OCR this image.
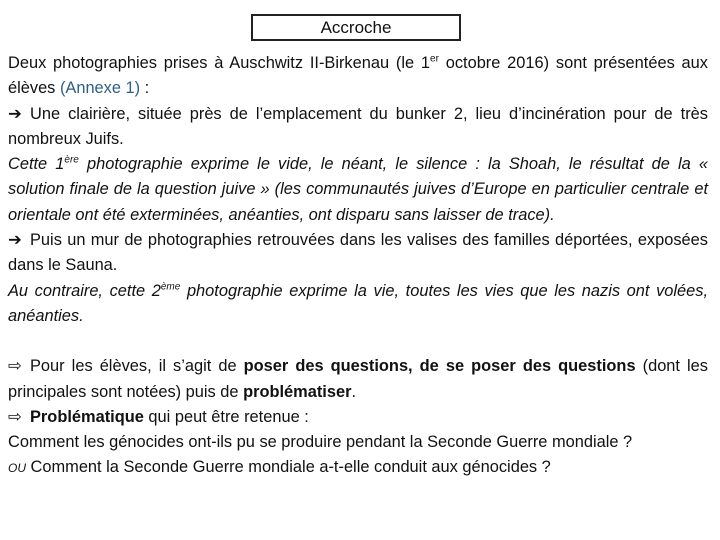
Accroche

Deux photographies prises à Auschwitz II-Birkenau (le 1er octobre 2016) sont présentées aux élèves (Annexe 1) :

➔ Une clairière, située près de l’emplacement du bunker 2, lieu d’incinération pour de très nombreux Juifs.

Cette 1ère photographie exprime le vide, le néant, le silence : la Shoah, le résultat de la « solution finale de la question juive » (les communautés juives d’Europe en particulier centrale et orientale ont été exterminées, anéanties, ont disparu sans laisser de trace).

➔ Puis un mur de photographies retrouvées dans les valises des familles déportées, exposées dans le Sauna.

Au contraire, cette 2ème photographie exprime la vie, toutes les vies que les nazis ont volées, anéanties.

⇨ Pour les élèves, il s’agit de poser des questions, de se poser des questions (dont les principales sont notées) puis de problématiser.

⇨ Problématique qui peut être retenue :

Comment les génocides ont-ils pu se produire pendant la Seconde Guerre mondiale ?

OU Comment la Seconde Guerre mondiale a-t-elle conduit aux génocides ?
